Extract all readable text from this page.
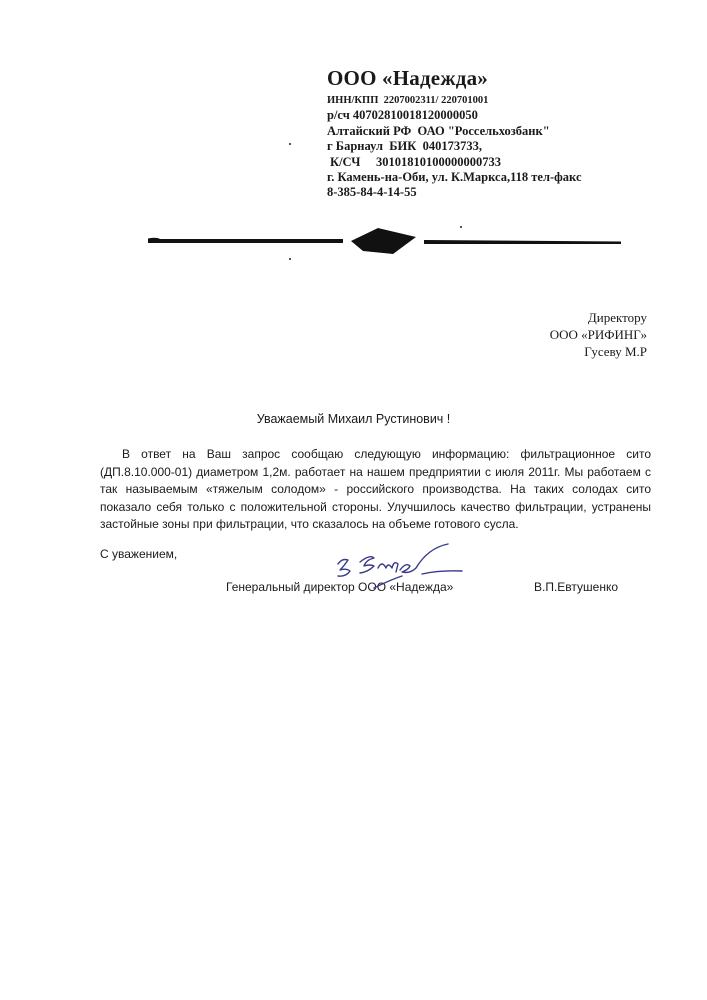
ООО «Надежда»
ИНН/КПП  2207002311/ 220701001
р/сч 40702810018120000050
Алтайский РФ  ОАО "Россельхозбанк"
г Барнаул  БИК  040173733,
К/СЧ     30101810100000000733
г. Камень-на-Оби, ул. К.Маркса,118 тел-факс
8-385-84-4-14-55
Директору
ООО «РИФИНГ»
Гусеву М.Р
Уважаемый Михаил Рустинович !

В ответ на Ваш запрос сообщаю следующую информацию: фильтрационное сито (ДП.8.10.000-01) диаметром 1,2м. работает на нашем предприятии с июля 2011г. Мы работаем с так называемым «тяжелым солодом» - российского производства. На таких солодах сито показало себя только с положительной стороны. Улучшилось качество фильтрации, устранены застойные зоны при фильтрации, что сказалось на объеме готового сусла.

С уважением,
Генеральный директор ООО «Надежда»	В.П.Евтушенко
